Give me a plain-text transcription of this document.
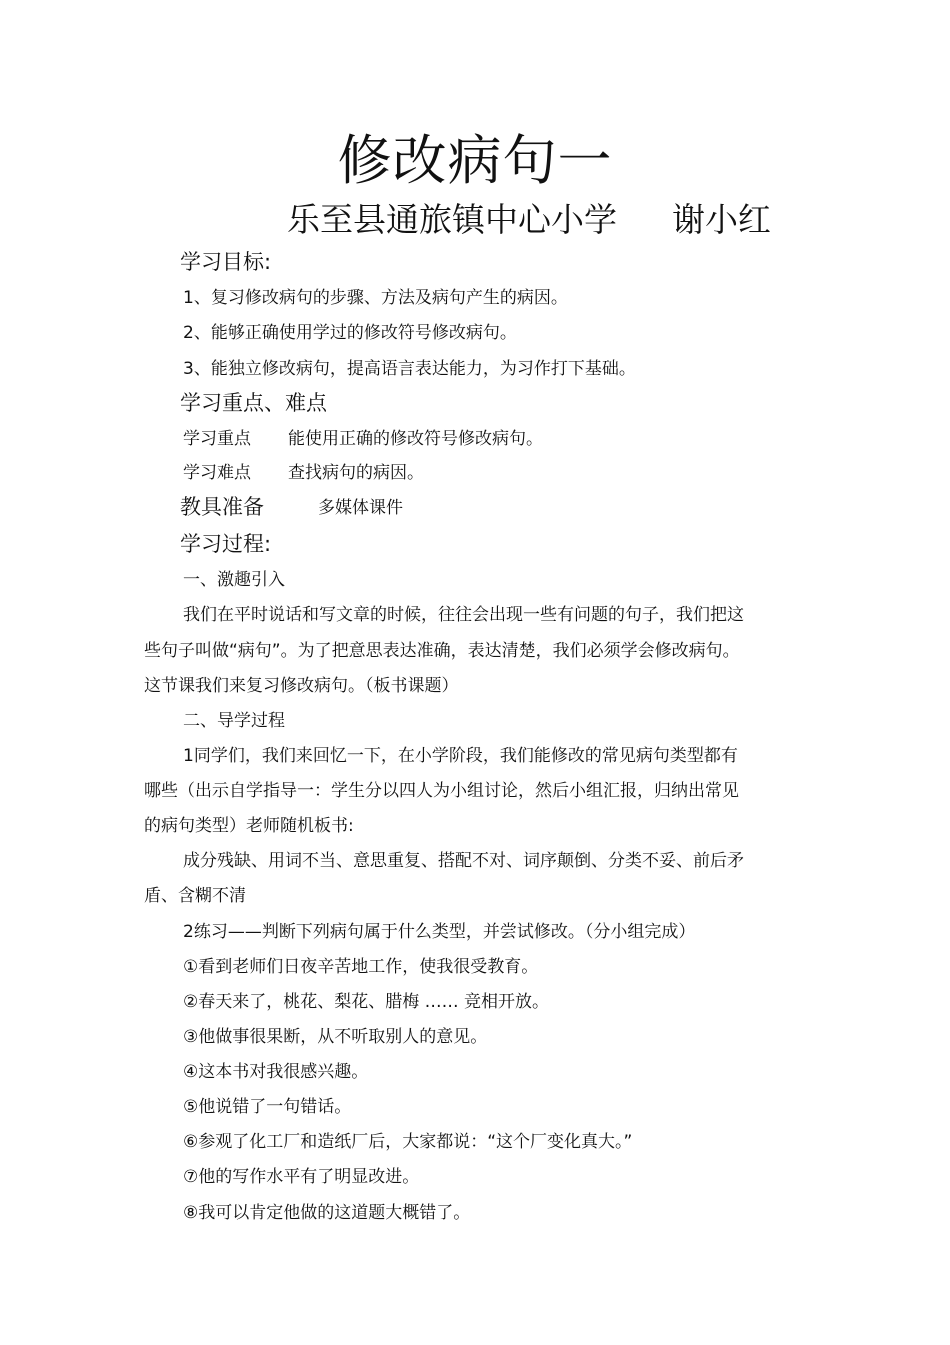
修改病句一
乐至县通旅镇中心小学 谢小红
学习目标:
1、复习修改病句的步骤、方法及病句产生的病因。
2、能够正确使用学过的修改符号修改病句。
3、能独立修改病句，提高语言表达能力，为习作打下基础。
学习重点、难点
学习重点 能使用正确的修改符号修改病句。
学习难点 查找病句的病因。
教具准备	多媒体课件
学习过程:
一、激趣引入
我们在平时说话和写文章的时候，往往会出现一些有问题的句子，我们把这
些句子叫做“病句”。为了把意思表达准确，表达清楚，我们必须学会修改病句。
这节课我们来复习修改病句。（板书课题）
二、导学过程
1同学们，我们来回忆一下，在小学阶段，我们能修改的常见病句类型都有
哪些（出示自学指导一：学生分以四人为小组讨论，然后小组汇报，归纳出常见
的病句类型）老师随机板书:
成分残缺、用词不当、意思重复、搭配不对、词序颠倒、分类不妥、前后矛
盾、含糊不清
2练习——判断下列病句属于什么类型，并尝试修改。（分小组完成）
①看到老师们日夜辛苦地工作，使我很受教育。
②春天来了，桃花、梨花、腊梅 …… 竞相开放。
③他做事很果断，从不听取别人的意见。
④这本书对我很感兴趣。
⑤他说错了一句错话。
⑥参观了化工厂和造纸厂后，大家都说：“这个厂变化真大。”
⑦他的写作水平有了明显改进。
⑧我可以肯定他做的这道题大概错了。
